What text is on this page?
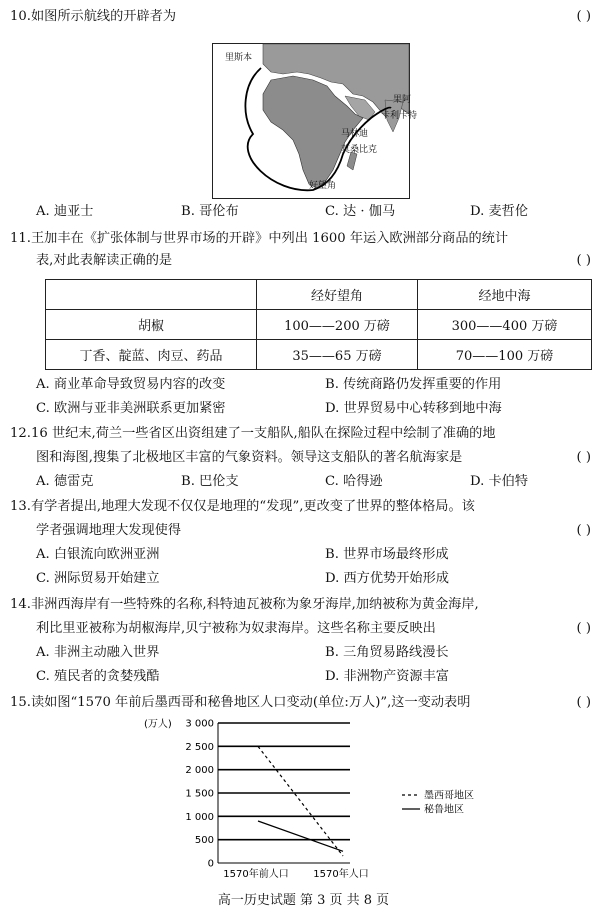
10.如图所示航线的开辟者为	( )
里斯本
果阿
卡利卡特
马林迪
莫桑比克
好望角
A. 迪亚士	B. 哥伦布	C. 达 · 伽马	D. 麦哲伦
11.王加丰在《扩张体制与世界市场的开辟》中列出 1600 年运入欧洲部分商品的统计
表,对此表解读正确的是	( )
	经好望角	经地中海
胡椒	100——200 万磅	300——400 万磅
丁香、靛蓝、肉豆、药品	35——65 万磅	70——100 万磅
A. 商业革命导致贸易内容的改变	B. 传统商路仍发挥重要的作用
C. 欧洲与亚非美洲联系更加紧密	D. 世界贸易中心转移到地中海
12.16 世纪末,荷兰一些省区出资组建了一支船队,船队在探险过程中绘制了准确的地
图和海图,搜集了北极地区丰富的气象资料。领导这支船队的著名航海家是	( )
A. 德雷克	B. 巴伦支	C. 哈得逊	D. 卡伯特
13.有学者提出,地理大发现不仅仅是地理的“发现”,更改变了世界的整体格局。该
学者强调地理大发现使得	( )
A. 白银流向欧洲亚洲	B. 世界市场最终形成
C. 洲际贸易开始建立	D. 西方优势开始形成
14.非洲西海岸有一些特殊的名称,科特迪瓦被称为象牙海岸,加纳被称为黄金海岸,
利比里亚被称为胡椒海岸,贝宁被称为奴隶海岸。这些名称主要反映出	( )
A. 非洲主动融入世界	B. 三角贸易路线漫长
C. 殖民者的贪婪残酷	D. 非洲物产资源丰富
15.读如图“1570 年前后墨西哥和秘鲁地区人口变动(单位:万人)”,这一变动表明	( )
(万人)
0
500
1 000
1 500
2 000
2 500
3 000
1570年前人口 1570年人口
墨西哥地区
秘鲁地区
高一历史试题 第 3 页 共 8 页
